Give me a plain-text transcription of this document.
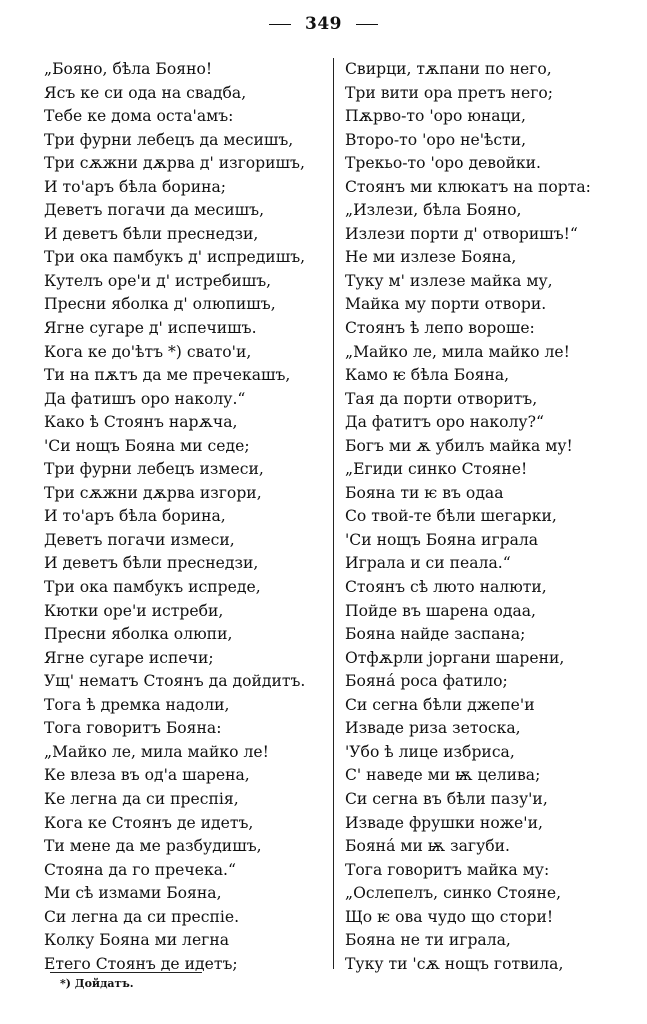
349
„Бояно, бѣла Бояно!
Ясъ ке си ода на свадба,
Тебе ке дома оста'амъ:
Три фурни лебецъ да месишъ,
Три сѫжни дѫрва д' изгоришъ,
И то'аръ бѣла борина;
Деветъ погачи да месишъ,
И деветъ бѣли преснедзи,
Три ока памбукъ д' испредишъ,
Кутелъ оре'и д' истребишъ,
Пресни яболка д' олюпишъ,
Ягне сугаре д' испечишъ.
Кога ке до'ѣтъ *) свато'и,
Ти на пѫтъ да ме пречекашъ,
Да фатишъ оро наколу.“
Како ѣ Стоянъ нарѫча,
'Си нощъ Бояна ми седе;
Три фурни лебецъ измеси,
Три сѫжни дѫрва изгори,
И то'аръ бѣла борина,
Деветъ погачи измеси,
И деветъ бѣли преснедзи,
Три ока памбукъ испреде,
Кютки оре'и истреби,
Пресни яболка олюпи,
Ягне сугаре испечи;
Ущ' нематъ Стоянъ да дойдитъ.
Тога ѣ дремка надоли,
Тога говоритъ Бояна:
„Майко ле, мила майко ле!
Ке влеза въ од'а шарена,
Ке легна да си преспія,
Кога ке Стоянъ де идетъ,
Ти мене да ме разбудишъ,
Стояна да го пречека.“
Ми сѣ измами Бояна,
Си легна да си преспіе.
Колку Бояна ми легна
Етего Стоянъ де идетъ;
Свирци, тѫпани по него,
Три вити ора претъ него;
Пѫрво-то 'оро юнаци,
Второ-то 'оро не'ѣсти,
Трекьо-то 'оро девойки.
Стоянъ ми клюкатъ на порта:
„Излези, бѣла Бояно,
Излези порти д' отворишъ!“
Не ми излезе Бояна,
Туку м' излезе майка му,
Майка му порти отвори.
Стоянъ ѣ лепо вороше:
„Майко ле, мила майко ле!
Камо ѥ бѣла Бояна,
Тая да порти отворитъ,
Да фатитъ оро наколу?“
Богъ ми ѫ убилъ майка му!
„Егиди синко Стояне!
Бояна ти ѥ въ одаа
Со твой-те бѣли шегарки,
'Си нощъ Бояна играла
Играла и си пеала.“
Стоянъ сѣ люто налюти,
Пойде въ шарена одаа,
Бояна найде заспана;
Отфѫрли јоргани шарени,
Бояна́ роса фатило;
Си сегна бѣли джепе'и
Изваде риза зетоска,
'Убо ѣ лице избриса,
С' наведе ми ѭ целива;
Си сегна въ бѣли пазу'и,
Изваде фрушки ноже'и,
Бояна́ ми ѭ загуби.
Тога говоритъ майка му:
„Ослепелъ, синко Стояне,
Що ѥ ова чудо що стори!
Бояна не ти играла,
Туку ти 'сѫ нощъ готвила,
*) Дойдатъ.
